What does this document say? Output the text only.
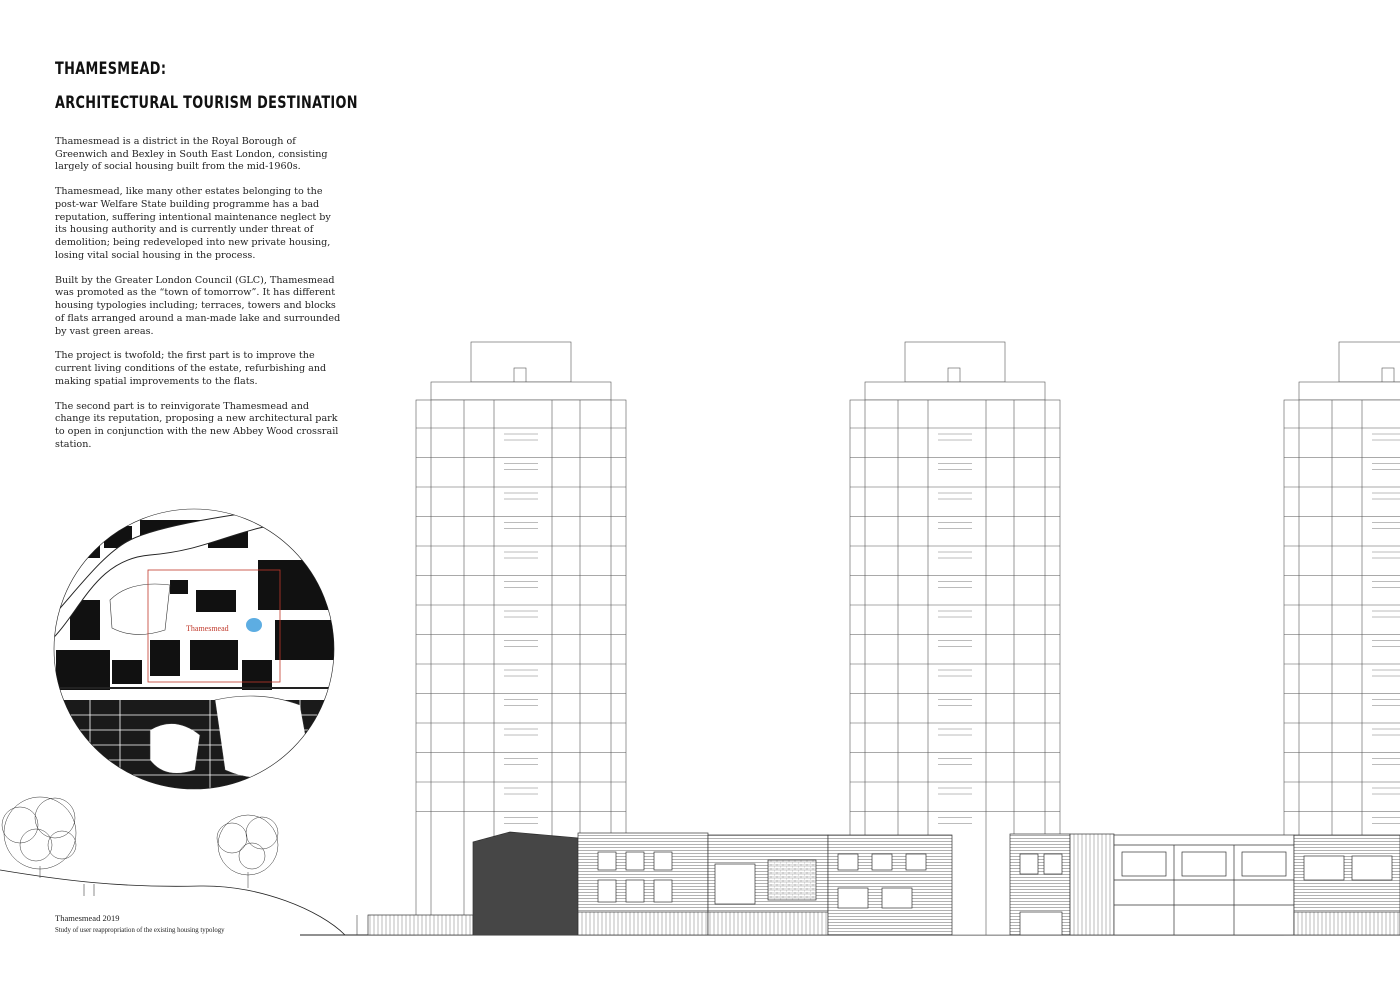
THAMESMEAD:
ARCHITECTURAL TOURISM DESTINATION

Thamesmead is a district in the Royal Borough of Greenwich and Bexley in South East London, consisting largely of social housing built from the mid-1960s.

Thamesmead, like many other estates belonging to the post-war Welfare State building programme has a bad reputation, suffering intentional maintenance neglect by its housing authority and is currently under threat of demolition; being redeveloped into new private housing, losing vital social housing in the process.

Built by the Greater London Council (GLC), Thamesmead was promoted as the “town of tomorrow”. It has different housing typologies including; terraces, towers and blocks of flats arranged around a man-made lake and surrounded by vast green areas.

The project is twofold; the first part is to improve the current living conditions of the estate, refurbishing and making spatial improvements to the flats.

The second part is to reinvigorate Thamesmead and change its reputation, proposing a new architectural park to open in conjunction with the new Abbey Wood crossrail station.

Thamesmead
Thamesmead 2019
Study of user reappropriation of the existing housing typology
